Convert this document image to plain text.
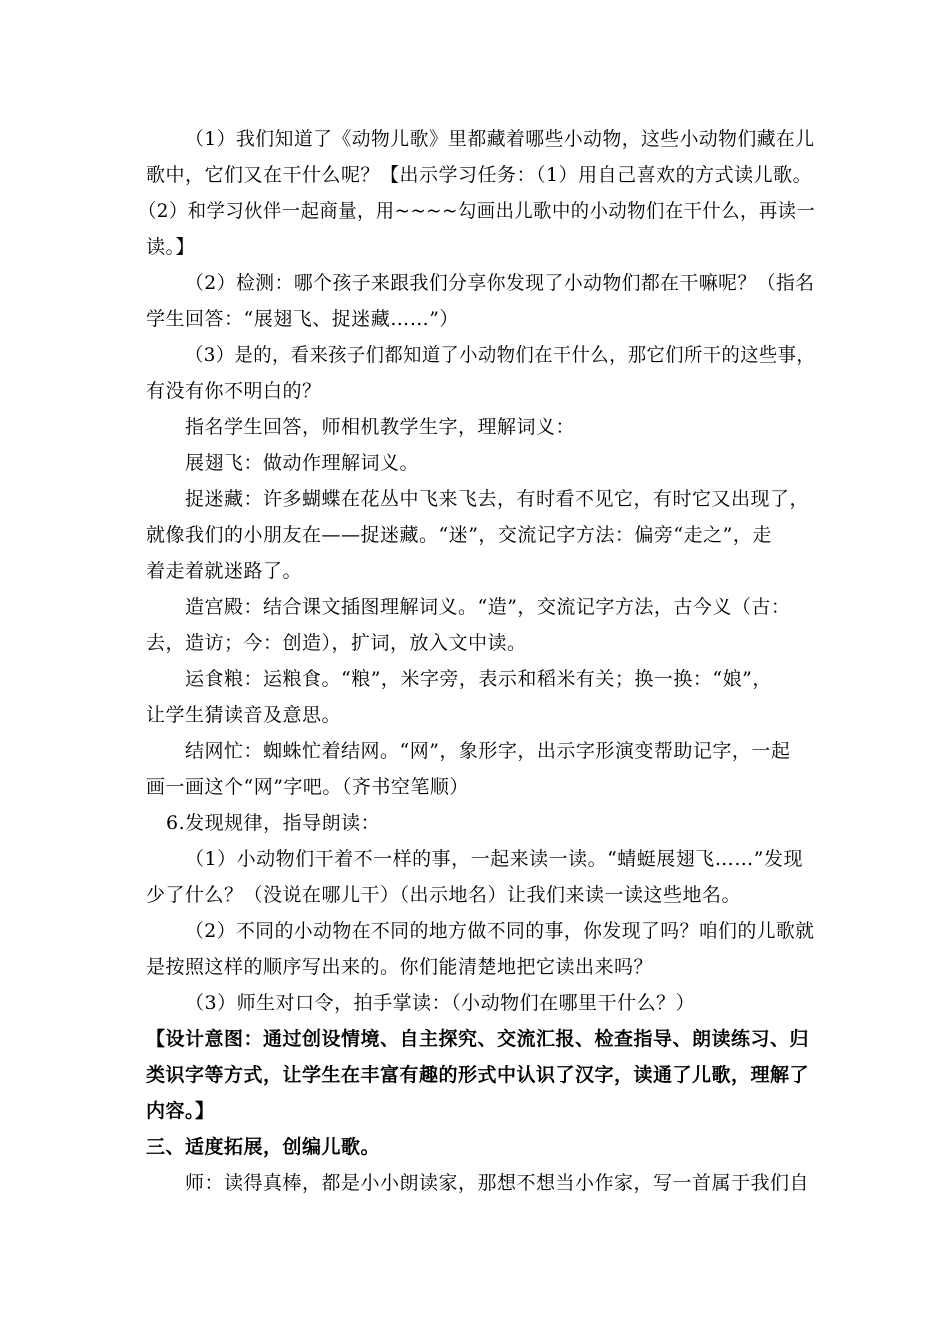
（1）我们知道了《动物儿歌》里都藏着哪些小动物，这些小动物们藏在儿
歌中，它们又在干什么呢？【出示学习任务：（1）用自己喜欢的方式读儿歌。
（2）和学习伙伴一起商量，用~~~~勾画出儿歌中的小动物们在干什么，再读一
读。】
（2）检测：哪个孩子来跟我们分享你发现了小动物们都在干嘛呢？（指名
学生回答：“展翅飞、捉迷藏……”）
（3）是的，看来孩子们都知道了小动物们在干什么，那它们所干的这些事，
有没有你不明白的？
指名学生回答，师相机教学生字，理解词义：
展翅飞：做动作理解词义。
捉迷藏：许多蝴蝶在花丛中飞来飞去，有时看不见它，有时它又出现了，
就像我们的小朋友在——捉迷藏。“迷”，交流记字方法：偏旁“走之”，走
着走着就迷路了。
造宫殿：结合课文插图理解词义。“造”，交流记字方法，古今义（古：
去，造访；今：创造），扩词，放入文中读。
运食粮：运粮食。“粮”，米字旁，表示和稻米有关；换一换：“娘”，
让学生猜读音及意思。
结网忙：蜘蛛忙着结网。“网”，象形字，出示字形演变帮助记字，一起
画一画这个“网”字吧。（齐书空笔顺）
6.发现规律，指导朗读：
（1）小动物们干着不一样的事，一起来读一读。“蜻蜓展翅飞……”发现
少了什么？（没说在哪儿干）（出示地名）让我们来读一读这些地名。
（2）不同的小动物在不同的地方做不同的事，你发现了吗？咱们的儿歌就
是按照这样的顺序写出来的。你们能清楚地把它读出来吗？
（3）师生对口令，拍手掌读：（小动物们在哪里干什么？）
【设计意图：通过创设情境、自主探究、交流汇报、检查指导、朗读练习、归
类识字等方式，让学生在丰富有趣的形式中认识了汉字，读通了儿歌，理解了
内容。】
三、适度拓展，创编儿歌。
师：读得真棒，都是小小朗读家，那想不想当小作家，写一首属于我们自
